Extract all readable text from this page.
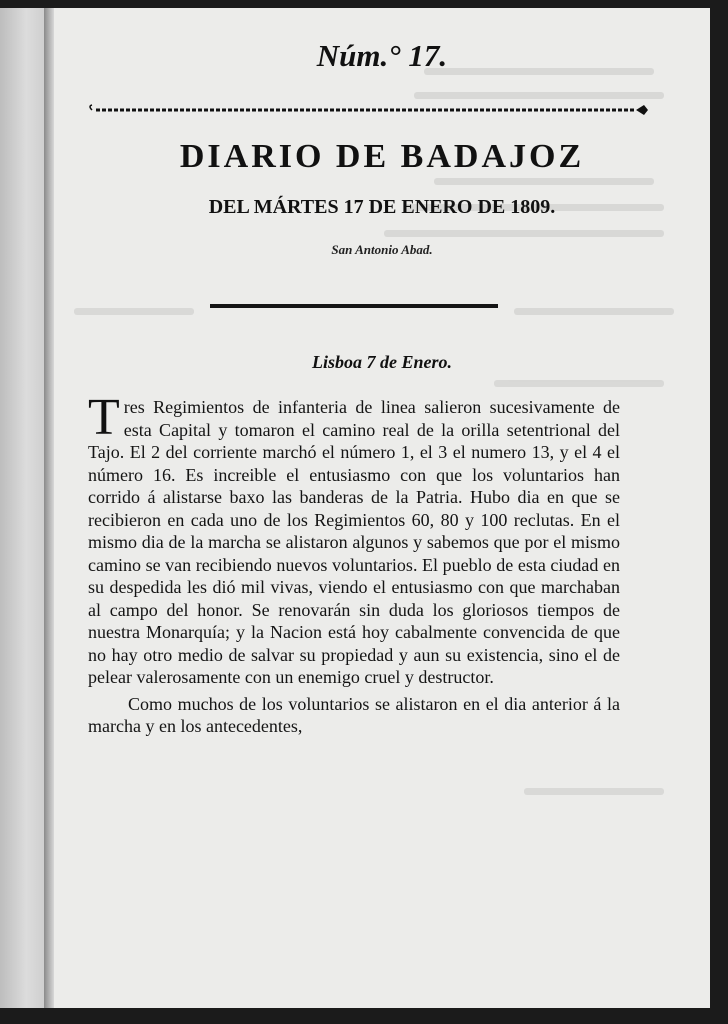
Núm.° 17.
DIARIO DE BADAJOZ
DEL MÁRTES 17 DE ENERO DE 1809.
San Antonio Abad.
Lisboa 7 de Enero.

Tres Regimientos de infanteria de linea salieron sucesivamente de esta Capital y tomaron el camino real de la orilla setentrional del Tajo. El 2 del corriente marchó el número 1, el 3 el numero 13, y el 4 el número 16. Es increible el entusiasmo con que los voluntarios han corrido á alistarse baxo las banderas de la Patria. Hubo dia en que se recibieron en cada uno de los Regimientos 60, 80 y 100 reclutas. En el mismo dia de la marcha se alistaron algunos y sabemos que por el mismo camino se van recibiendo nuevos voluntarios. El pueblo de esta ciudad en su despedida les dió mil vivas, viendo el entusiasmo con que marchaban al campo del honor. Se renovarán sin duda los gloriosos tiempos de nuestra Monarquía; y la Nacion está hoy cabalmente convencida de que no hay otro medio de salvar su propiedad y aun su existencia, sino el de pelear valerosamente con un enemigo cruel y destructor.

Como muchos de los voluntarios se alistaron en el dia anterior á la marcha y en los antecedentes,
